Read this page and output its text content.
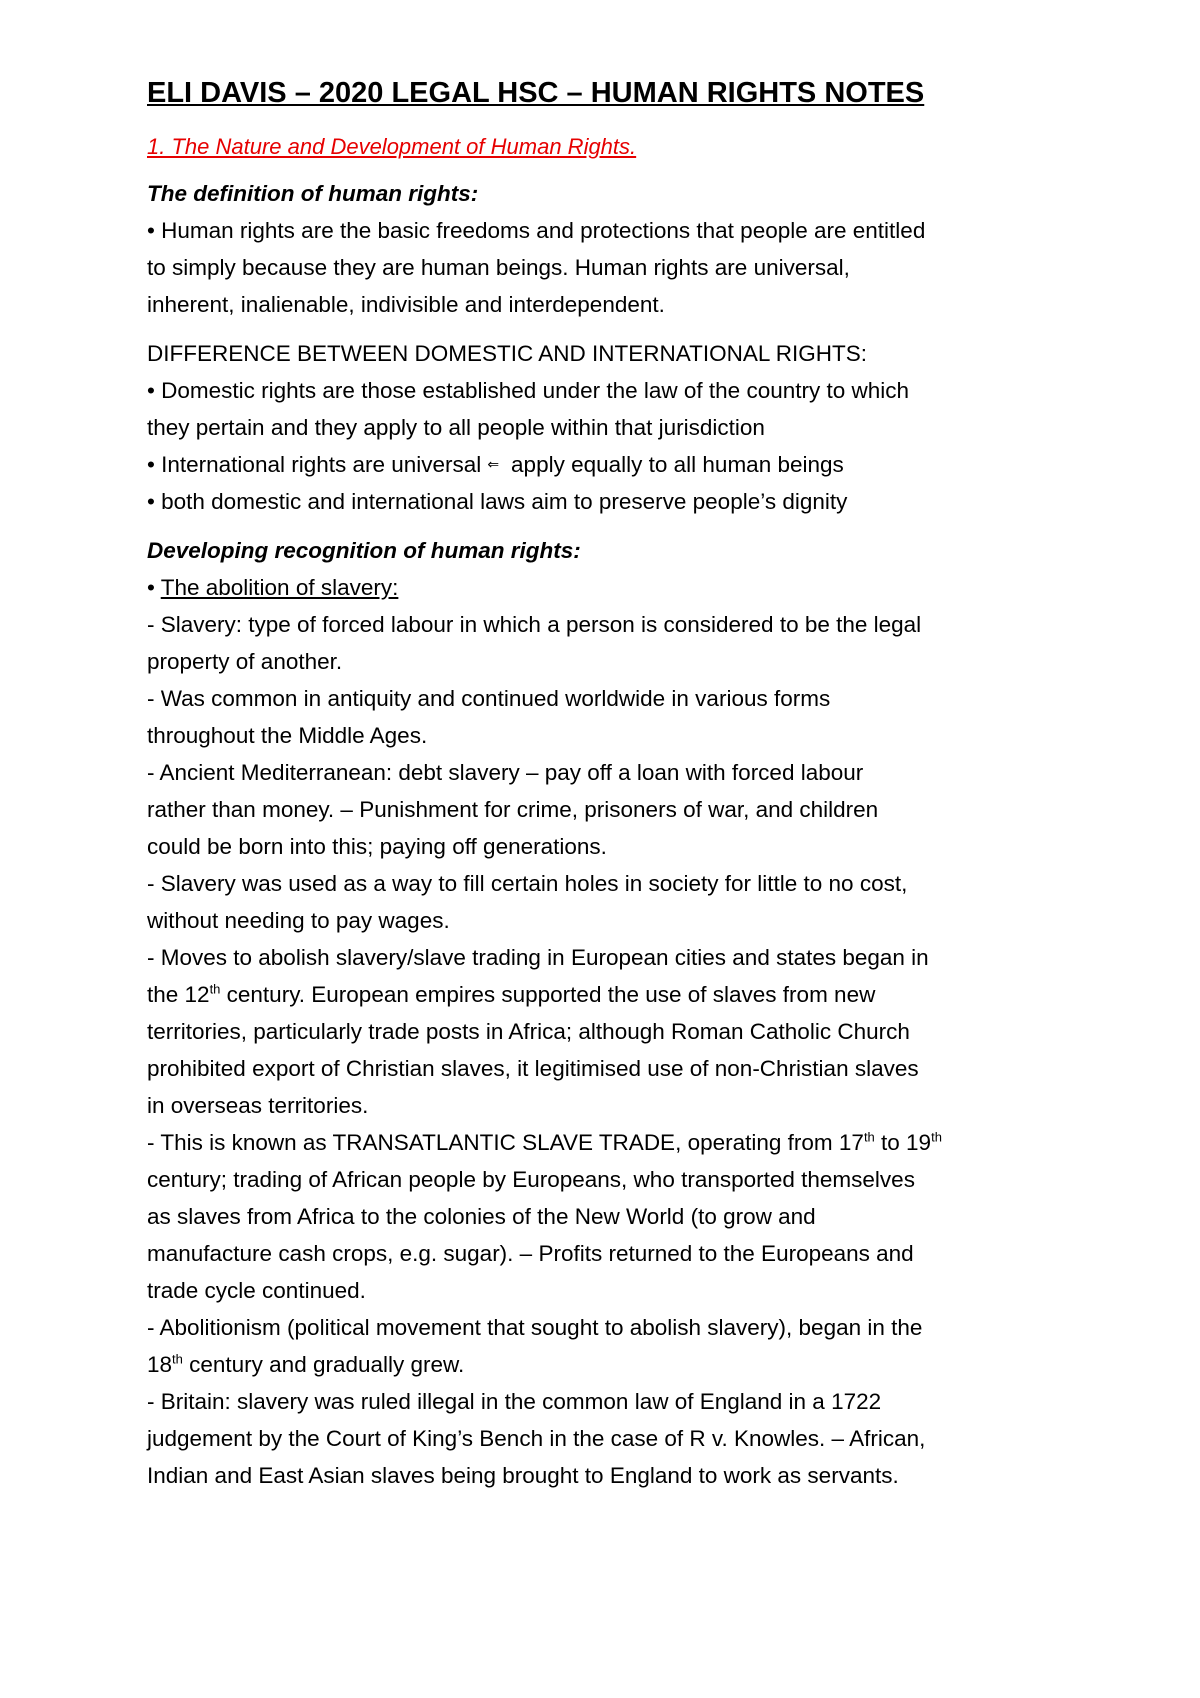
ELI DAVIS – 2020 LEGAL HSC – HUMAN RIGHTS NOTES
1. The Nature and Development of Human Rights.
The definition of human rights:
• Human rights are the basic freedoms and protections that people are entitled
to simply because they are human beings. Human rights are universal,
inherent, inalienable, indivisible and interdependent.
DIFFERENCE BETWEEN DOMESTIC AND INTERNATIONAL RIGHTS:
• Domestic rights are those established under the law of the country to which
they pertain and they apply to all people within that jurisdiction
• International rights are universal ⇐ apply equally to all human beings
• both domestic and international laws aim to preserve people’s dignity
Developing recognition of human rights:
• The abolition of slavery:
- Slavery: type of forced labour in which a person is considered to be the legal
property of another.
- Was common in antiquity and continued worldwide in various forms
throughout the Middle Ages.
- Ancient Mediterranean: debt slavery – pay off a loan with forced labour
rather than money. – Punishment for crime, prisoners of war, and children
could be born into this; paying off generations.
- Slavery was used as a way to fill certain holes in society for little to no cost,
without needing to pay wages.
- Moves to abolish slavery/slave trading in European cities and states began in
the 12th century. European empires supported the use of slaves from new
territories, particularly trade posts in Africa; although Roman Catholic Church
prohibited export of Christian slaves, it legitimised use of non-Christian slaves
in overseas territories.
- This is known as TRANSATLANTIC SLAVE TRADE, operating from 17th to 19th
century; trading of African people by Europeans, who transported themselves
as slaves from Africa to the colonies of the New World (to grow and
manufacture cash crops, e.g. sugar). – Profits returned to the Europeans and
trade cycle continued.
- Abolitionism (political movement that sought to abolish slavery), began in the
18th century and gradually grew.
- Britain: slavery was ruled illegal in the common law of England in a 1722
judgement by the Court of King’s Bench in the case of R v. Knowles. – African,
Indian and East Asian slaves being brought to England to work as servants.
